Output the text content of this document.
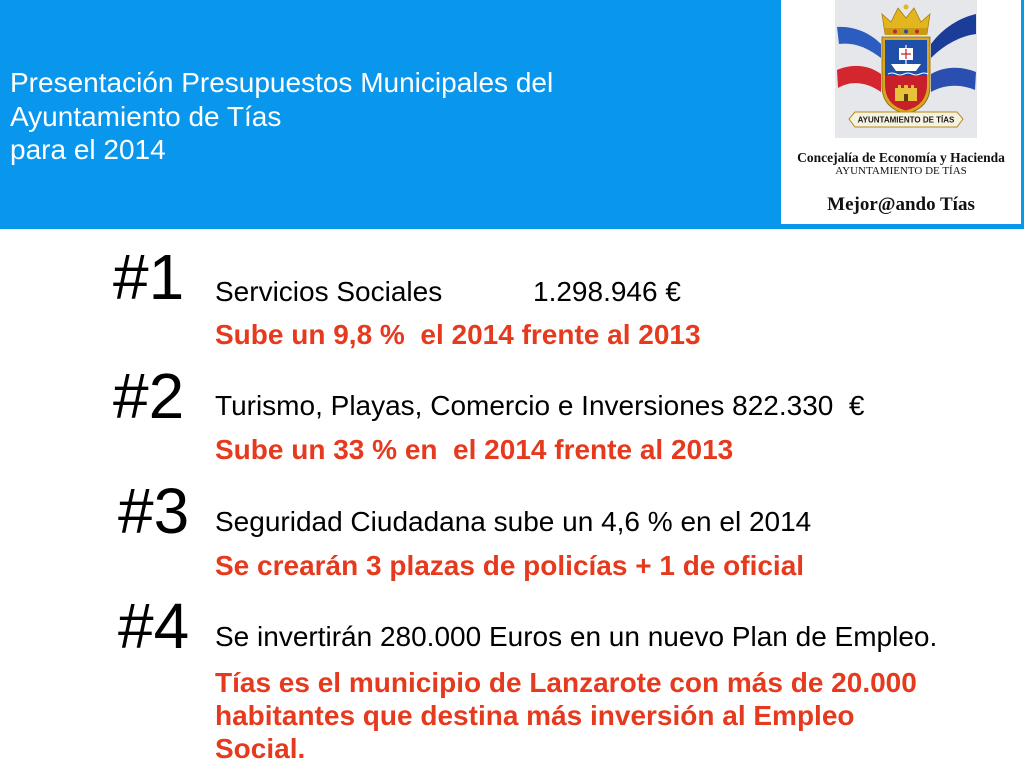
Presentación Presupuestos Municipales del
Ayuntamiento de Tías
para el 2014
AYUNTAMIENTO DE TÍAS
Concejalía de Economía y Hacienda
AYUNTAMIENTO DE TÍAS
Mejor@ando Tías
#1 Servicios Sociales	1.298.946 €
Sube un 9,8 %  el 2014 frente al 2013
#2 Turismo, Playas, Comercio e Inversiones 822.330  €
Sube un 33 % en  el 2014 frente al 2013
#3 Seguridad Ciudadana sube un 4,6 % en el 2014
Se crearán 3 plazas de policías + 1 de oficial
#4 Se invertirán 280.000 Euros en un nuevo Plan de Empleo.
Tías es el municipio de Lanzarote con más de 20.000 habitantes que destina más inversión al Empleo Social.
